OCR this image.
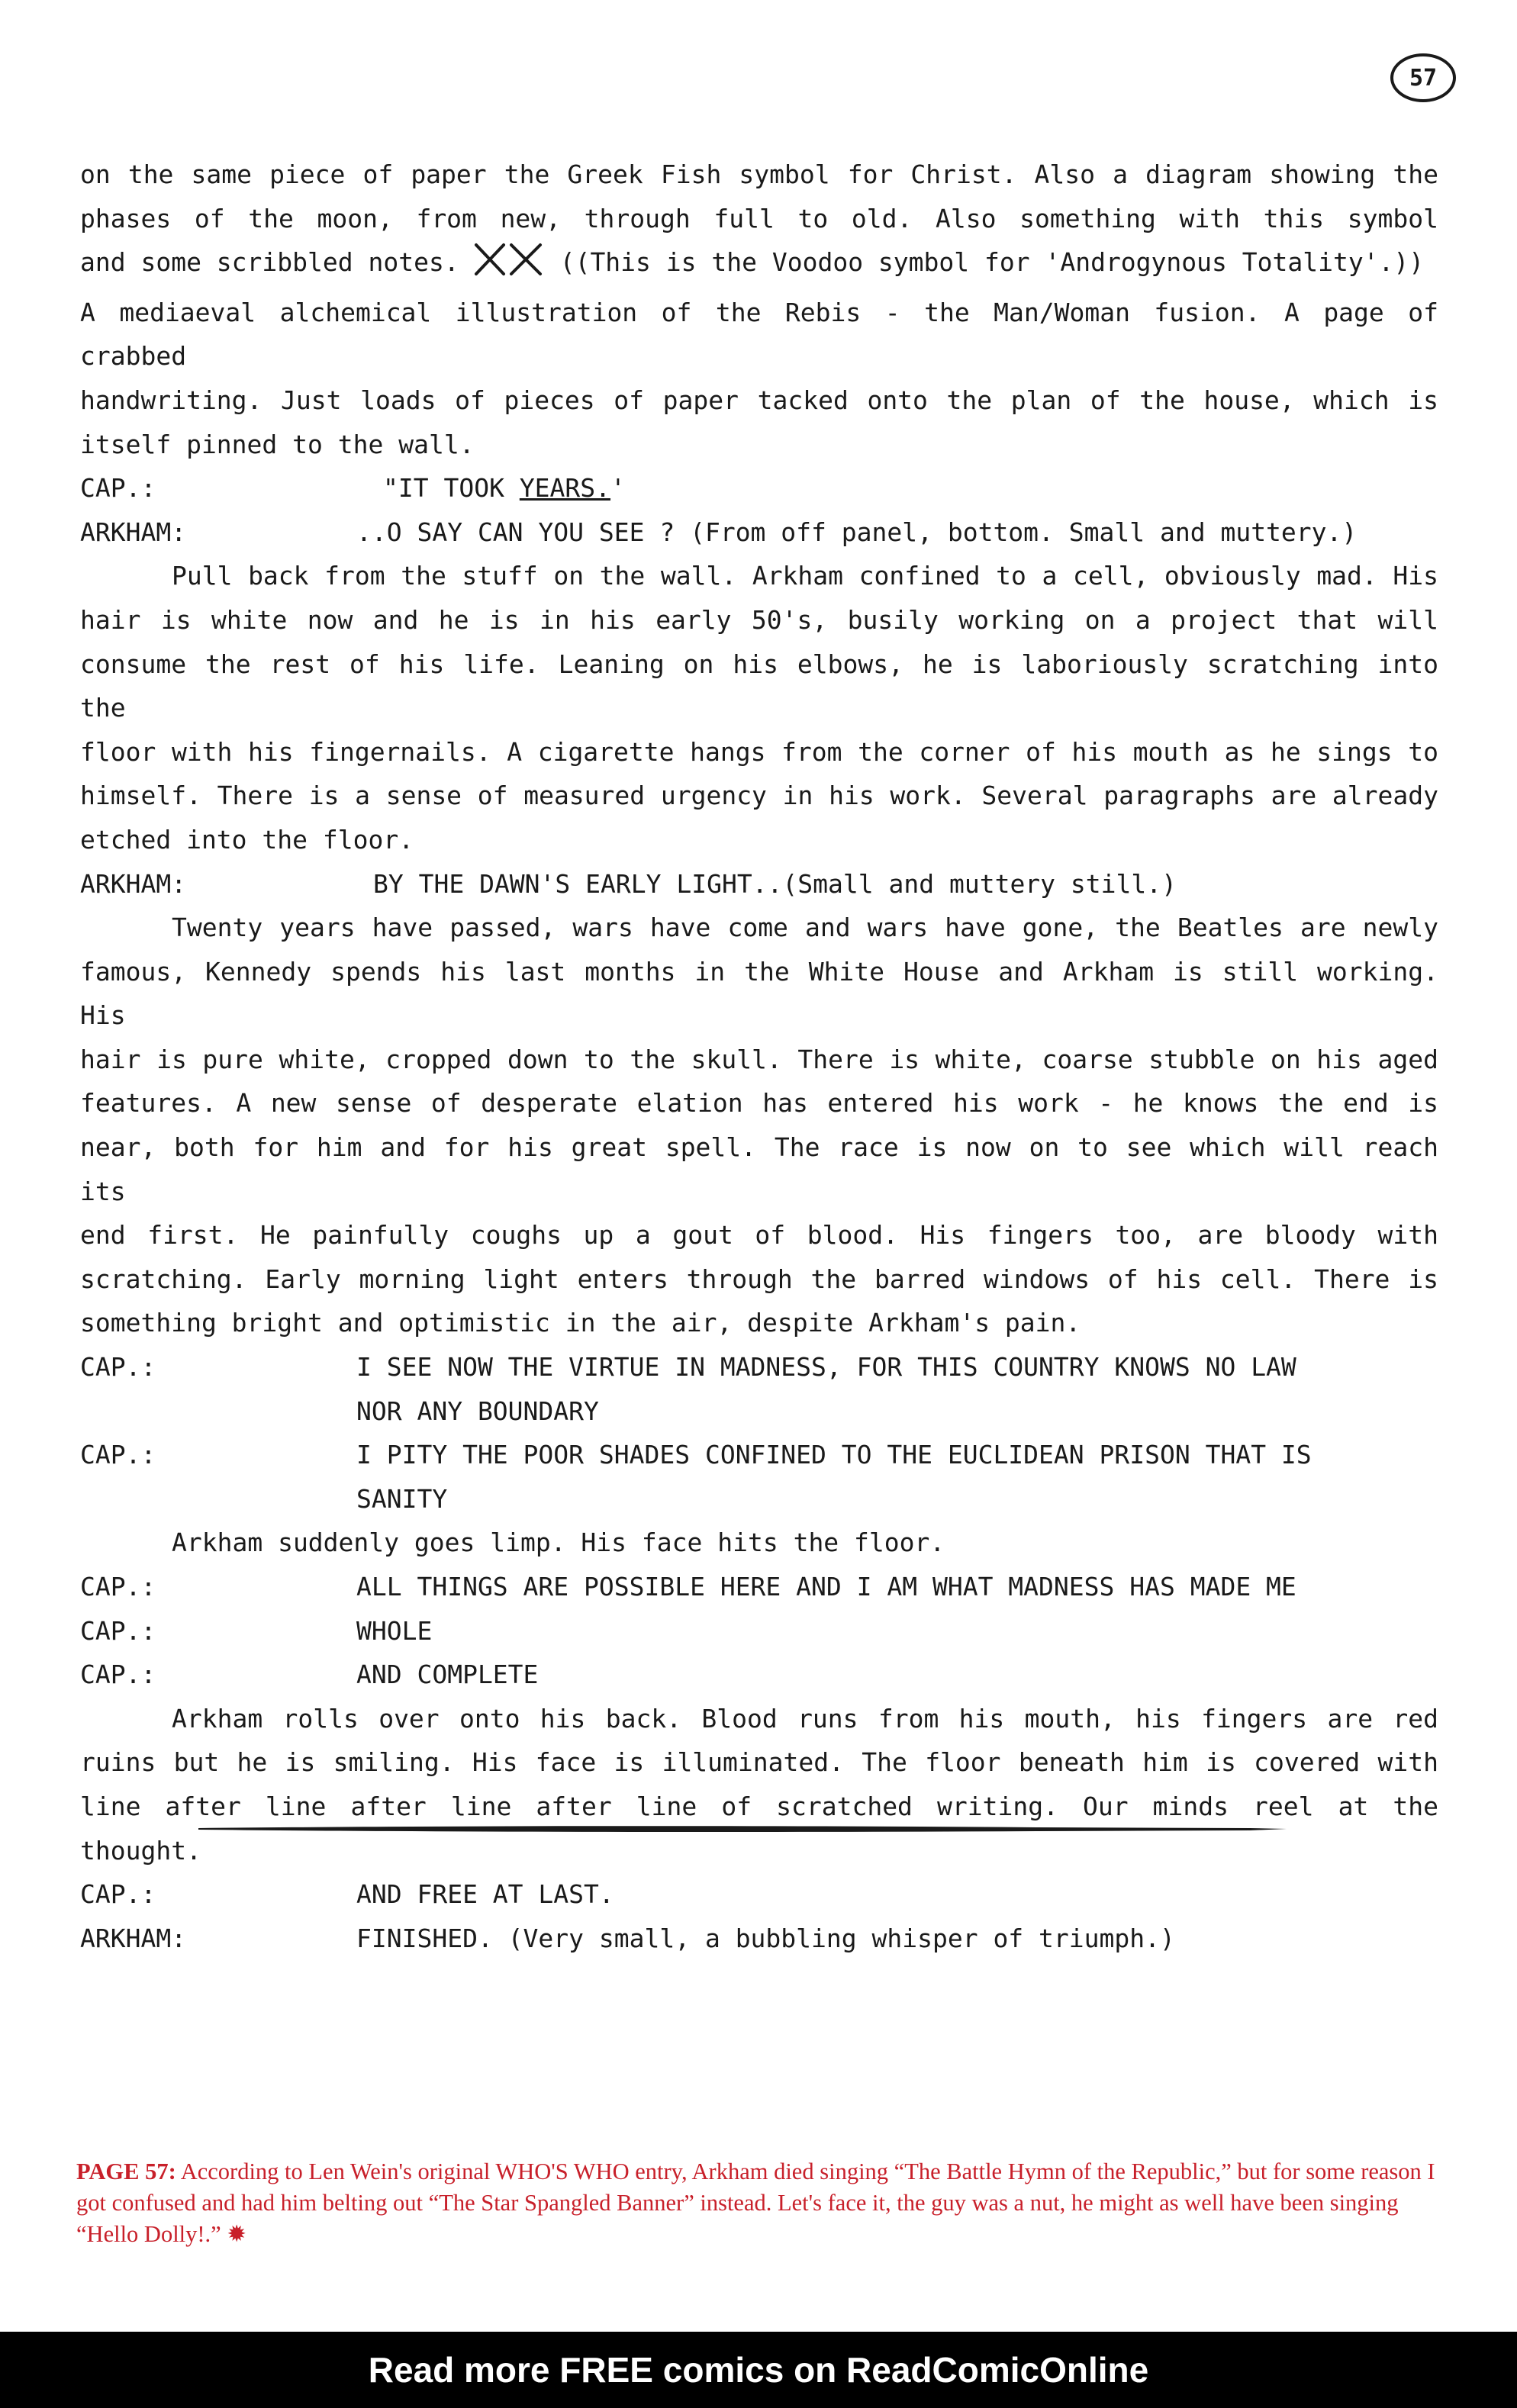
57

on the same piece of paper the Greek Fish symbol for Christ. Also a diagram showing the

phases of the moon, from new, through full to old. Also something with this symbol

and some scribbled notes.	((This is the Voodoo symbol for 'Androgynous Totality'.))

A mediaeval alchemical illustration of the Rebis - the Man/Woman fusion. A page of crabbed

handwriting. Just loads of pieces of paper tacked onto the plan of the house, which is

itself pinned to the wall.

CAP.:	"IT TOOK YEARS.'
ARKHAM:	..O SAY CAN YOU SEE ? (From off panel, bottom. Small and muttery.)

Pull back from the stuff on the wall. Arkham confined to a cell, obviously mad. His

hair is white now and he is in his early 50's, busily working on a project that will

consume the rest of his life. Leaning on his elbows, he is laboriously scratching into the

floor with his fingernails. A cigarette hangs from the corner of his mouth as he sings to

himself. There is a sense of measured urgency in his work. Several paragraphs are already

etched into the floor.

ARKHAM:	BY THE DAWN'S EARLY LIGHT..(Small and muttery still.)

Twenty years have passed, wars have come and wars have gone, the Beatles are newly

famous, Kennedy spends his last months in the White House and Arkham is still working. His

hair is pure white, cropped down to the skull. There is white, coarse stubble on his aged

features. A new sense of desperate elation has entered his work - he knows the end is

near, both for him and for his great spell. The race is now on to see which will reach its

end first. He painfully coughs up a gout of blood. His fingers too, are bloody with

scratching. Early morning light enters through the barred windows of his cell. There is

something bright and optimistic in the air, despite Arkham's pain.

CAP.:	I SEE NOW THE VIRTUE IN MADNESS, FOR THIS COUNTRY KNOWS NO LAW
NOR ANY BOUNDARY
CAP.:	I PITY THE POOR SHADES CONFINED TO THE EUCLIDEAN PRISON THAT IS
SANITY

Arkham suddenly goes limp. His face hits the floor.

CAP.:	ALL THINGS ARE POSSIBLE HERE AND I AM WHAT MADNESS HAS MADE ME
CAP.:	WHOLE
CAP.:	AND COMPLETE

Arkham rolls over onto his back. Blood runs from his mouth, his fingers are red

ruins but he is smiling. His face is illuminated. The floor beneath him is covered with

line after line after line after line of scratched writing. Our minds reel at the thought.

CAP.:	AND FREE AT LAST.
ARKHAM:	FINISHED. (Very small, a bubbling whisper of triumph.)
PAGE 57: According to Len Wein's original WHO'S WHO entry, Arkham died singing “The Battle Hymn of the Republic,” but for some reason I got confused and had him belting out “The Star Spangled Banner” instead. Let's face it, the guy was a nut, he might as well have been singing “Hello Dolly!.” ✹
Read more FREE comics on ReadComicOnline
